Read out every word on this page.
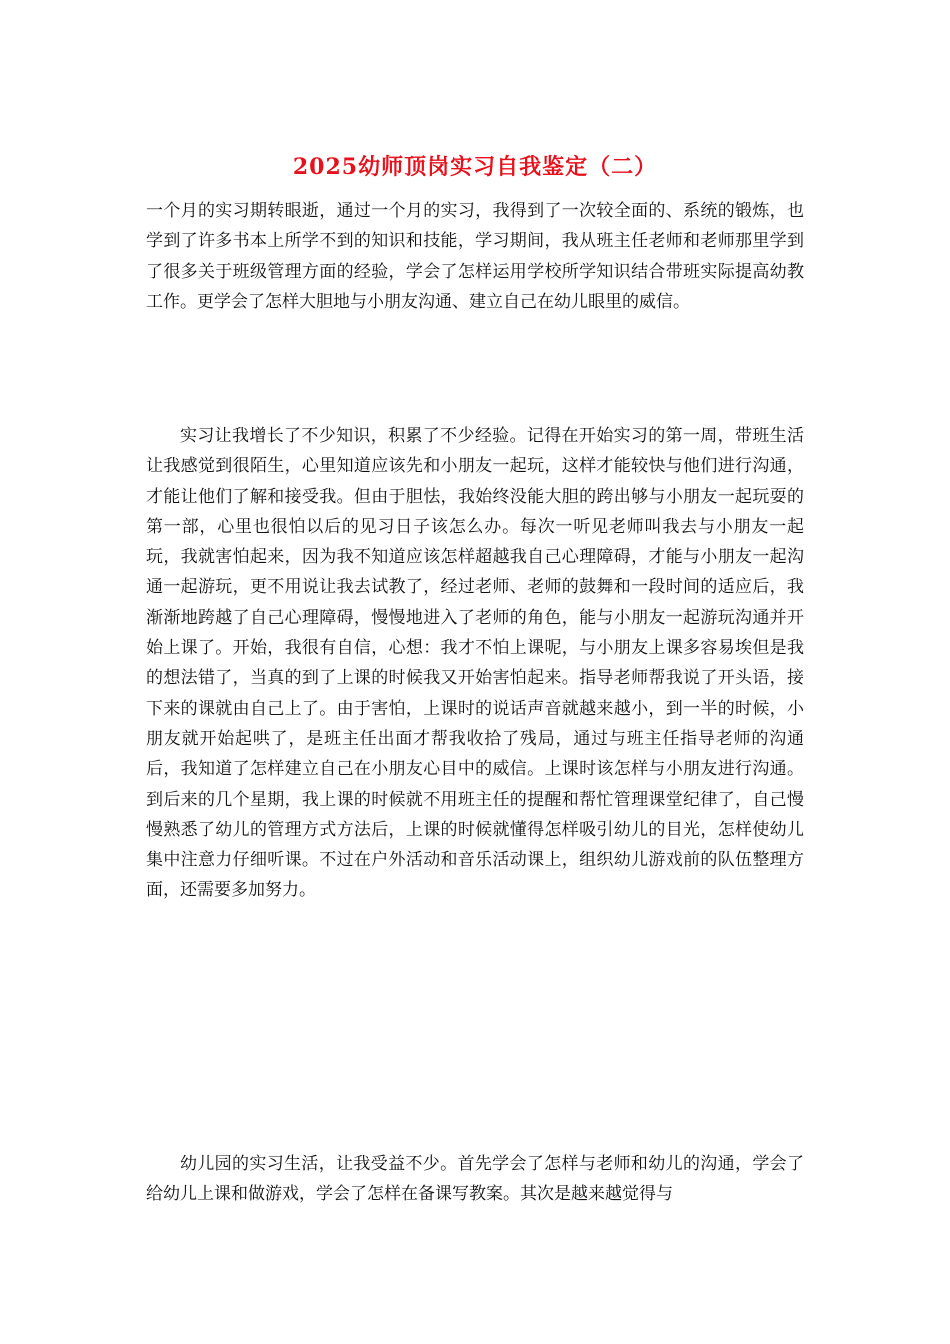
2025幼师顶岗实习自我鉴定（二）

一个月的实习期转眼逝，通过一个月的实习，我得到了一次较全面的、系统的锻炼，也学到了许多书本上所学不到的知识和技能，学习期间，我从班主任老师和老师那里学到了很多关于班级管理方面的经验，学会了怎样运用学校所学知识结合带班实际提高幼教工作。更学会了怎样大胆地与小朋友沟通、建立自己在幼儿眼里的威信。

实习让我增长了不少知识，积累了不少经验。记得在开始实习的第一周，带班生活让我感觉到很陌生，心里知道应该先和小朋友一起玩，这样才能较快与他们进行沟通，才能让他们了解和接受我。但由于胆怯，我始终没能大胆的跨出够与小朋友一起玩耍的第一部，心里也很怕以后的见习日子该怎么办。每次一听见老师叫我去与小朋友一起玩，我就害怕起来，因为我不知道应该怎样超越我自己心理障碍，才能与小朋友一起沟通一起游玩，更不用说让我去试教了，经过老师、老师的鼓舞和一段时间的适应后，我渐渐地跨越了自己心理障碍，慢慢地进入了老师的角色，能与小朋友一起游玩沟通并开始上课了。开始，我很有自信，心想：我才不怕上课呢，与小朋友上课多容易埃但是我的想法错了，当真的到了上课的时候我又开始害怕起来。指导老师帮我说了开头语，接下来的课就由自己上了。由于害怕，上课时的说话声音就越来越小，到一半的时候，小朋友就开始起哄了，是班主任出面才帮我收拾了残局，通过与班主任指导老师的沟通后，我知道了怎样建立自己在小朋友心目中的威信。上课时该怎样与小朋友进行沟通。到后来的几个星期，我上课的时候就不用班主任的提醒和帮忙管理课堂纪律了，自己慢慢熟悉了幼儿的管理方式方法后，上课的时候就懂得怎样吸引幼儿的目光，怎样使幼儿集中注意力仔细听课。不过在户外活动和音乐活动课上，组织幼儿游戏前的队伍整理方面，还需要多加努力。

幼儿园的实习生活，让我受益不少。首先学会了怎样与老师和幼儿的沟通，学会了给幼儿上课和做游戏，学会了怎样在备课写教案。其次是越来越觉得与
